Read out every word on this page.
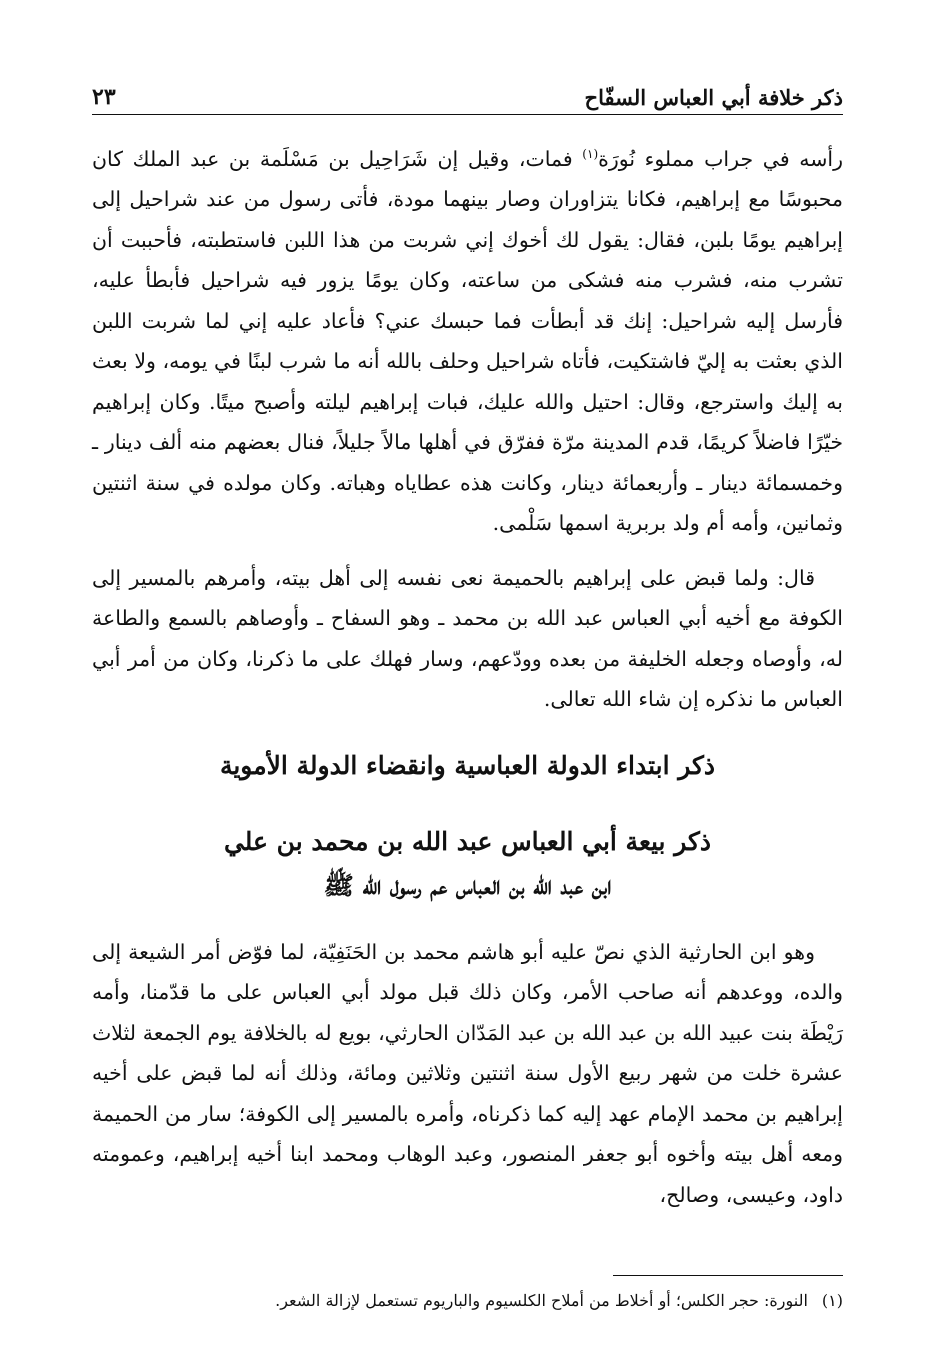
ذكر خلافة أبي العباس السفّاح
٢٣

رأسه في جراب مملوء نُورَة$^{(١)}$ فمات، وقيل إن شَرَاحِيل بن مَسْلَمة بن عبد الملك كان محبوسًا مع إبراهيم، فكانا يتزاوران وصار بينهما مودة، فأتى رسول من عند شراحيل إلى إبراهيم يومًا بلبن، فقال: يقول لك أخوك إني شربت من هذا اللبن فاستطبته، فأحببت أن تشرب منه، فشرب منه فشكى من ساعته، وكان يومًا يزور فيه شراحيل فأبطأ عليه، فأرسل إليه شراحيل: إنك قد أبطأت فما حبسك عني؟ فأعاد عليه إني لما شربت اللبن الذي بعثت به إليّ فاشتكيت، فأتاه شراحيل وحلف بالله أنه ما شرب لبنًا في يومه، ولا بعث به إليك واسترجع، وقال: احتيل والله عليك، فبات إبراهيم ليلته وأصبح ميتًا. وكان إبراهيم خيّرًا فاضلاً كريمًا، قدم المدينة مرّة ففرّق في أهلها مالاً جليلاً، فنال بعضهم منه ألف دينار ـ وخمسمائة دينار ـ وأربعمائة دينار، وكانت هذه عطاياه وهباته. وكان مولده في سنة اثنتين وثمانين، وأمه أم ولد بربرية اسمها سَلْمى.

قال: ولما قبض على إبراهيم بالحميمة نعى نفسه إلى أهل بيته، وأمرهم بالمسير إلى الكوفة مع أخيه أبي العباس عبد الله بن محمد ـ وهو السفاح ـ وأوصاهم بالسمع والطاعة له، وأوصاه وجعله الخليفة من بعده وودّعهم، وسار فهلك على ما ذكرنا، وكان من أمر أبي العباس ما نذكره إن شاء الله تعالى.

ذكر ابتداء الدولة العباسية وانقضاء الدولة الأموية
ذكر بيعة أبي العباس عبد الله بن محمد بن علي
ابن عبد الله بن العباس عم رسول الله ﷺ

وهو ابن الحارثية الذي نصّ عليه أبو هاشم محمد بن الحَنَفِيّة، لما فوّض أمر الشيعة إلى والده، ووعدهم أنه صاحب الأمر، وكان ذلك قبل مولد أبي العباس على ما قدّمنا، وأمه رَيْطَة بنت عبيد الله بن عبد الله بن عبد المَدّان الحارثي، بويع له بالخلافة يوم الجمعة لثلاث عشرة خلت من شهر ربيع الأول سنة اثنتين وثلاثين ومائة، وذلك أنه لما قبض على أخيه إبراهيم بن محمد الإمام عهد إليه كما ذكرناه، وأمره بالمسير إلى الكوفة؛ سار من الحميمة ومعه أهل بيته وأخوه أبو جعفر المنصور، وعبد الوهاب ومحمد ابنا أخيه إبراهيم، وعمومته داود، وعيسى، وصالح،

(١)النورة: حجر الكلس؛ أو أخلاط من أملاح الكلسيوم والباريوم تستعمل لإزالة الشعر.
